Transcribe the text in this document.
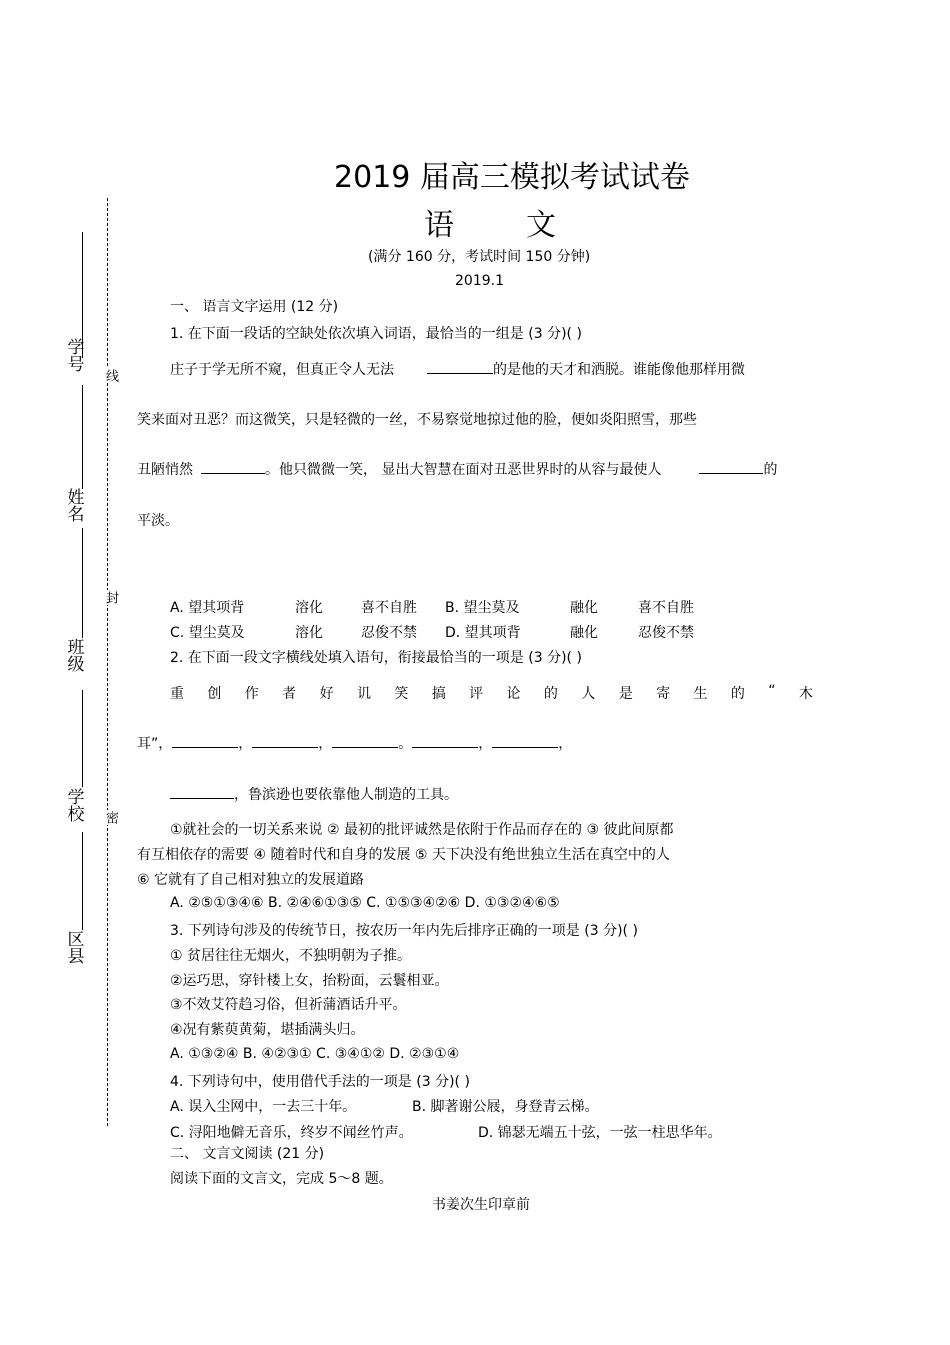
学号
姓名
班级
学校
区县
线
封
密
2019 届高三模拟考试试卷
语 文
(满分 160 分，考试时间 150 分钟)
2019.1
一、 语言文字运用 (12 分)
1. 在下面一段话的空缺处依次填入词语，最恰当的一组是 (3 分)( )
庄子于学无所不窥，但真正令人无法	的是他的天才和洒脱。谁能像他那样用微
笑来面对丑恶？而这微笑，只是轻微的一丝，不易察觉地掠过他的脸，便如炎阳照雪，那些
丑陋悄然	。他只微微一笑， 显出大智慧在面对丑恶世界时的从容与最使人	的
平淡。
A. 望其项背	溶化	喜不自胜 B. 望尘莫及	融化	喜不自胜
C. 望尘莫及	溶化	忍俊不禁 D. 望其项背	融化	忍俊不禁
2. 在下面一段文字横线处填入语句，衔接最恰当的一项是 (3 分)( )
重 创 作 者 好 讥 笑 搞 评 论 的 人 是 寄 生 的 “ 木
耳”，	，	，	。	，	，
，鲁滨逊也要依靠他人制造的工具。
①就社会的一切关系来说 ② 最初的批评诚然是依附于作品而存在的 ③ 彼此间原都
有互相依存的需要 ④ 随着时代和自身的发展 ⑤ 天下决没有绝世独立生活在真空中的人
⑥ 它就有了自己相对独立的发展道路
A. ②⑤①③④⑥ B. ②④⑥①③⑤ C. ①⑤③④②⑥ D. ①③②④⑥⑤
3. 下列诗句涉及的传统节日，按农历一年内先后排序正确的一项是 (3 分)( )
① 贫居往往无烟火，不独明朝为子推。
②运巧思，穿针楼上女，抬粉面，云鬟相亚。
③不效艾符趋习俗，但祈蒲酒话升平。
④况有紫萸黄菊，堪插满头归。
A. ①③②④ B. ④②③① C. ③④①② D. ②③①④
4. 下列诗句中，使用借代手法的一项是 (3 分)( )
A. 误入尘网中，一去三十年。	B. 脚著谢公屐，身登青云梯。
C. 浔阳地僻无音乐，终岁不闻丝竹声。	D. 锦瑟无端五十弦，一弦一柱思华年。
二、 文言文阅读 (21 分)
阅读下面的文言文，完成 5～8 题。
书姜次生印章前
